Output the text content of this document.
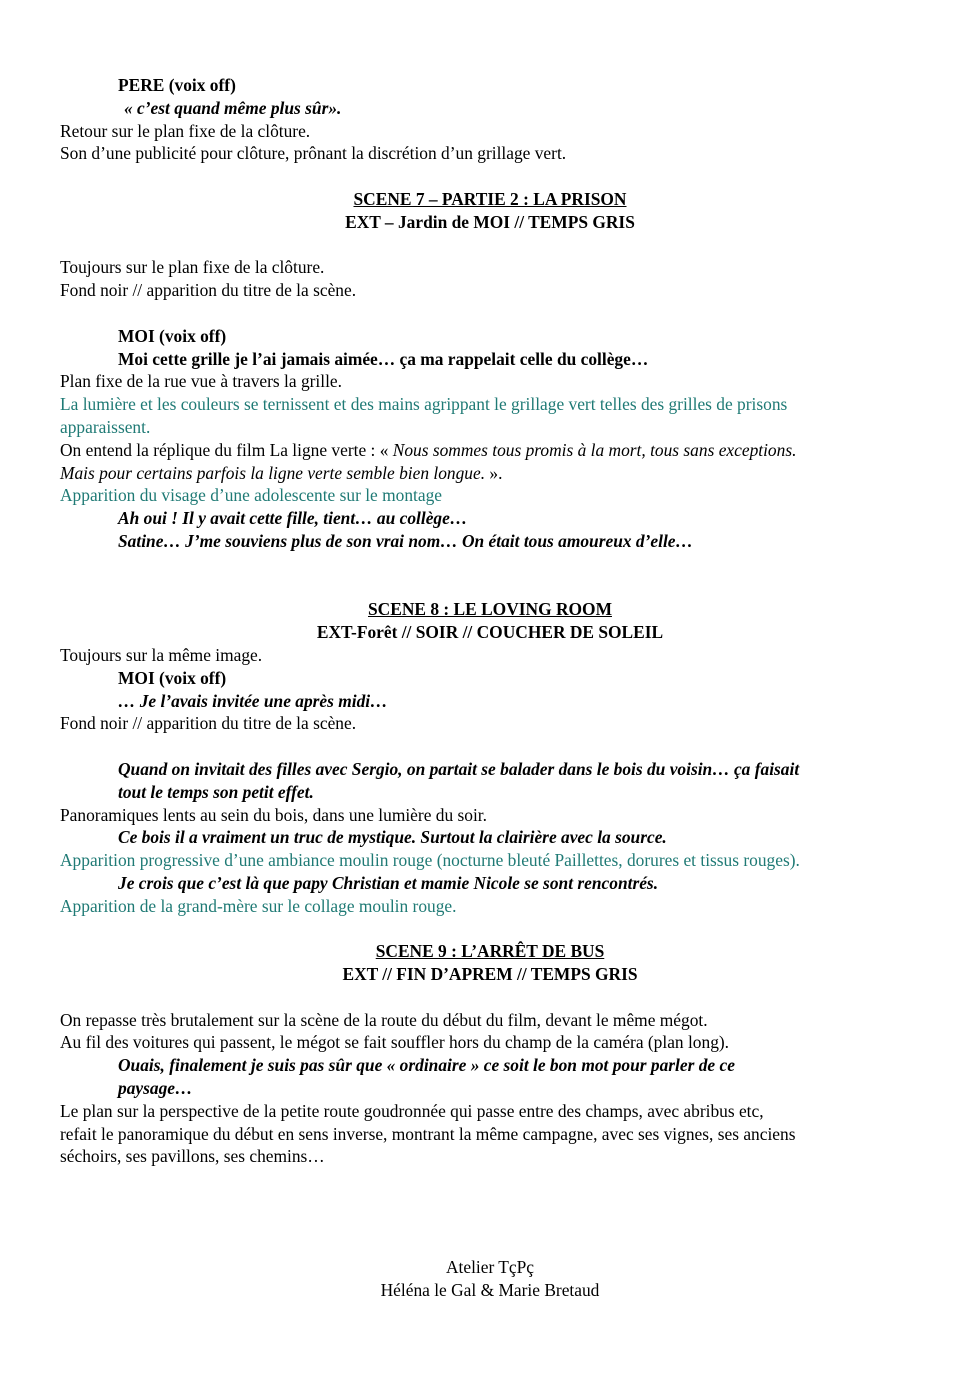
PERE (voix off)

« c’est quand même plus sûr».

Retour sur le plan fixe de la clôture.

Son d’une publicité pour clôture, prônant la discrétion d’un grillage vert.

SCENE 7 – PARTIE 2 : LA PRISON

EXT – Jardin de MOI // TEMPS GRIS

Toujours sur le plan fixe de la clôture.

Fond noir // apparition du titre de la scène.

MOI (voix off)

Moi cette grille je l’ai jamais aimée… ça ma rappelait celle du collège…

Plan fixe de la rue vue à travers la grille.

La lumière et les couleurs se ternissent et des mains agrippant le grillage vert telles des grilles de prisons

apparaissent.

On entend la réplique du film La ligne verte : « Nous sommes tous promis à la mort, tous sans exceptions.

Mais pour certains parfois la ligne verte semble bien longue. ».

Apparition du visage d’une adolescente sur le montage

Ah oui ! Il y avait cette fille, tient… au collège…

Satine… J’me souviens plus de son vrai nom… On était tous amoureux d’elle…

SCENE 8 : LE LOVING ROOM

EXT-Forêt // SOIR // COUCHER DE SOLEIL

Toujours sur la même image.

MOI (voix off)

… Je l’avais invitée une après midi…

Fond noir // apparition du titre de la scène.

Quand on invitait des filles avec Sergio, on partait se balader dans le bois du voisin… ça faisait

tout le temps son petit effet.

Panoramiques lents au sein du bois, dans une lumière du soir.

Ce bois il a vraiment un truc de mystique. Surtout la clairière avec la source.

Apparition progressive d’une ambiance moulin rouge (nocturne bleuté Paillettes, dorures et tissus rouges).

Je crois que c’est là que papy Christian et mamie Nicole se sont rencontrés.

Apparition de la grand-mère sur le collage moulin rouge.

SCENE 9 : L’ARRÊT DE BUS

EXT // FIN D’APREM // TEMPS GRIS

On repasse très brutalement sur la scène de la route du début du film, devant le même mégot.

Au fil des voitures qui passent, le mégot se fait souffler hors du champ de la caméra (plan long).

Ouais, finalement je suis pas sûr que « ordinaire » ce soit le bon mot pour parler de ce

paysage…

Le plan sur la perspective de la petite route goudronnée qui passe entre des champs, avec abribus etc,

refait le panoramique du début en sens inverse, montrant la même campagne, avec ses vignes, ses anciens

séchoirs, ses pavillons, ses chemins…

Atelier TçPç

Héléna le Gal & Marie Bretaud
